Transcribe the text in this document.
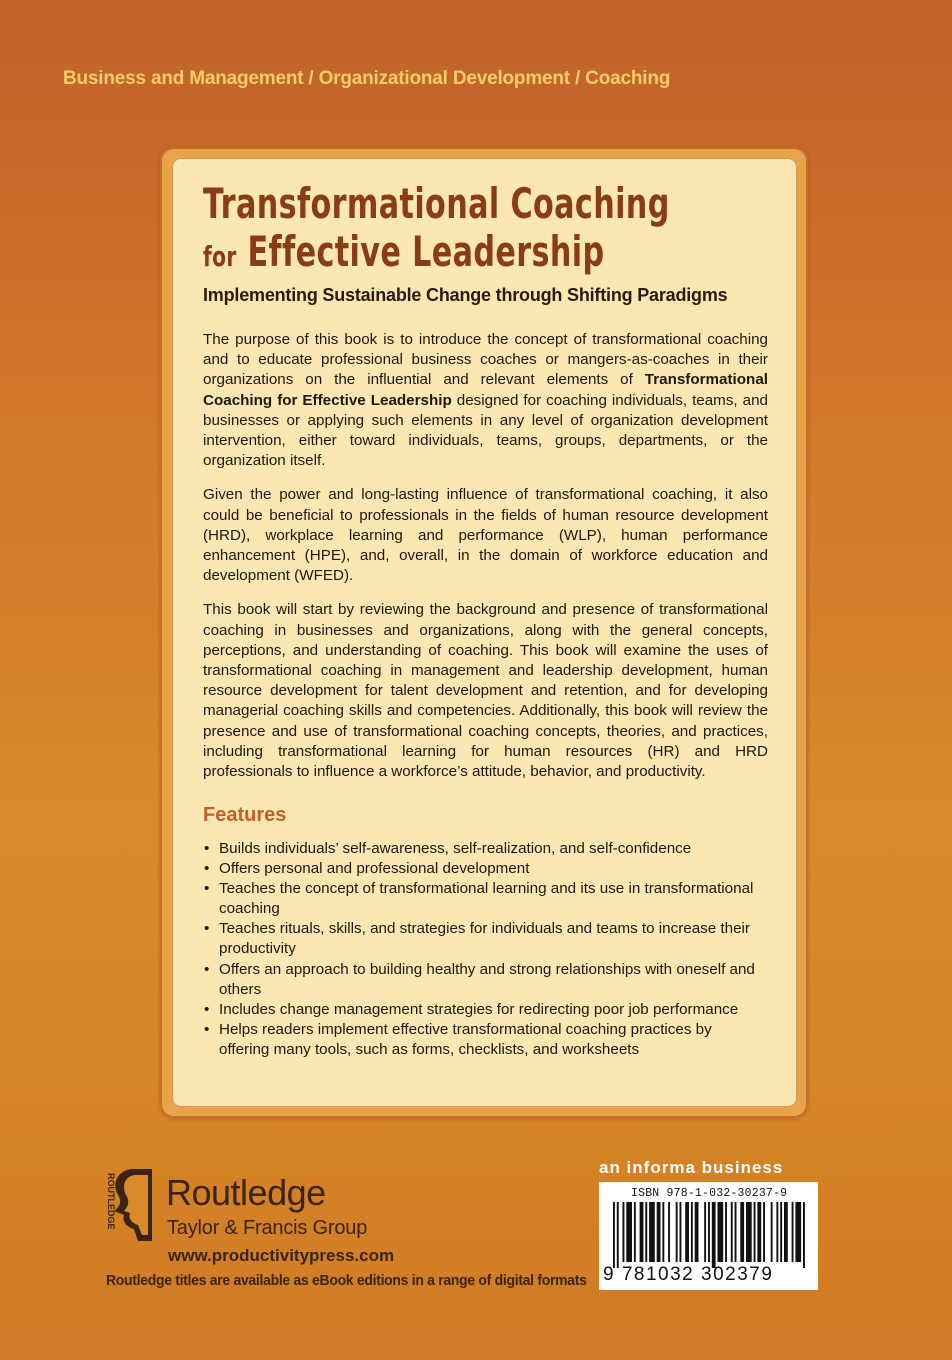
Business and Management / Organizational Development / Coaching
Transformational Coaching
for Effective Leadership
Implementing Sustainable Change through Shifting Paradigms

The purpose of this book is to introduce the concept of transformational coaching and to educate professional business coaches or mangers-as-coaches in their organizations on the influential and relevant elements of Transformational Coaching for Effective Leadership designed for coaching individuals, teams, and businesses or applying such elements in any level of organization development intervention, either toward individuals, teams, groups, departments, or the organization itself.

Given the power and long-lasting influence of transformational coaching, it also could be beneficial to professionals in the fields of human resource development (HRD), workplace learning and performance (WLP), human performance enhancement (HPE), and, overall, in the domain of workforce education and development (WFED).

This book will start by reviewing the background and presence of transformational coaching in businesses and organizations, along with the general concepts, perceptions, and understanding of coaching. This book will examine the uses of transformational coaching in management and leadership development, human resource development for talent development and retention, and for developing managerial coaching skills and competencies. Additionally, this book will review the presence and use of transformational coaching concepts, theories, and practices, including transformational learning for human resources (HR) and HRD professionals to influence a workforce’s attitude, behavior, and productivity.

Features
• Builds individuals’ self-awareness, self-realization, and self-confidence
• Offers personal and professional development
• Teaches the concept of transformational learning and its use in transformational coaching
• Teaches rituals, skills, and strategies for individuals and teams to increase their productivity
• Offers an approach to building healthy and strong relationships with oneself and others
• Includes change management strategies for redirecting poor job performance
• Helps readers implement effective transformational coaching practices by offering many tools, such as forms, checklists, and worksheets
ROUTLEDGE Routledge
Taylor & Francis Group
www.productivitypress.com
Routledge titles are available as eBook editions in a range of digital formats
an informa business
ISBN 978-1-032-30237-9
9 781032 302379
